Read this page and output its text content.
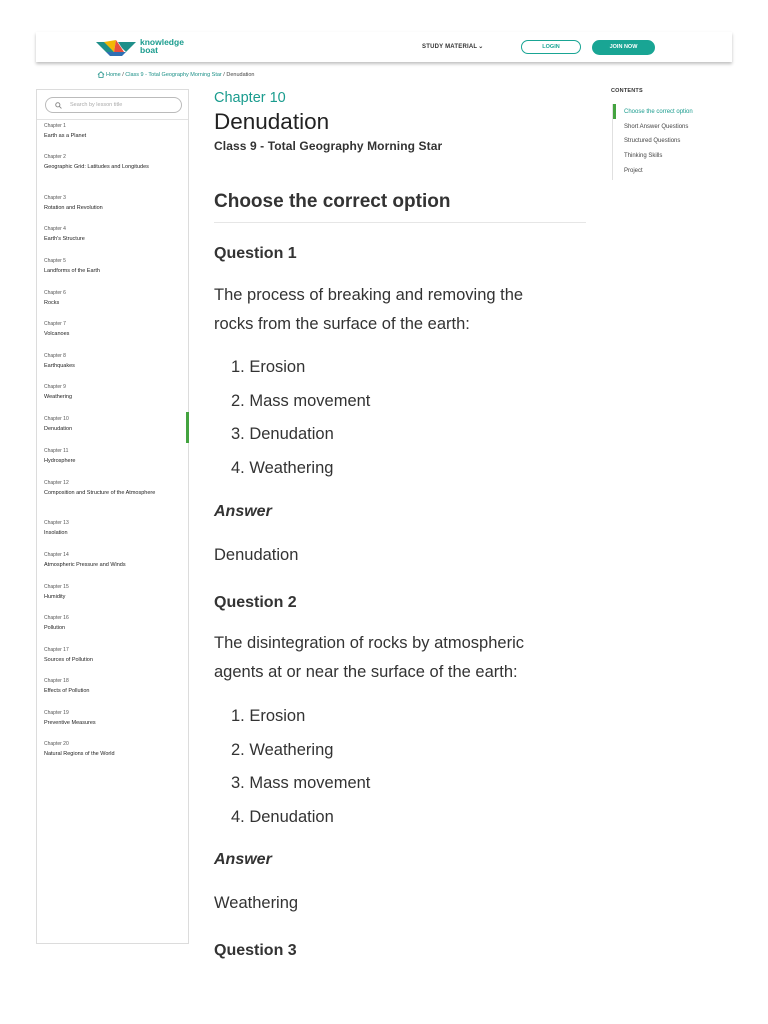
knowledge
boat	STUDY MATERIAL⌄	LOGIN	JOIN NOW
Home / Class 9 - Total Geography Morning Star / Denudation
Search by lesson title
Chapter 1
Earth as a Planet
Chapter 2
Geographic Grid: Latitudes and Longitudes
Chapter 3
Rotation and Revolution
Chapter 4
Earth's Structure
Chapter 5
Landforms of the Earth
Chapter 6
Rocks
Chapter 7
Volcanoes
Chapter 8
Earthquakes
Chapter 9
Weathering
Chapter 10
Denudation
Chapter 11
Hydrosphere
Chapter 12
Composition and Structure of the Atmosphere
Chapter 13
Insolation
Chapter 14
Atmospheric Pressure and Winds
Chapter 15
Humidity
Chapter 16
Pollution
Chapter 17
Sources of Pollution
Chapter 18
Effects of Pollution
Chapter 19
Preventive Measures
Chapter 20
Natural Regions of the World
Chapter 10
Denudation
Class 9 - Total Geography Morning Star
Choose the correct option
Question 1
The process of breaking and removing the
rocks from the surface of the earth:
1. Erosion
2. Mass movement
3. Denudation
4. Weathering
Answer
Denudation
Question 2
The disintegration of rocks by atmospheric
agents at or near the surface of the earth:
1. Erosion
2. Weathering
3. Mass movement
4. Denudation
Answer
Weathering
Question 3
CONTENTS
Choose the correct option
Short Answer Questions
Structured Questions
Thinking Skills
Project
